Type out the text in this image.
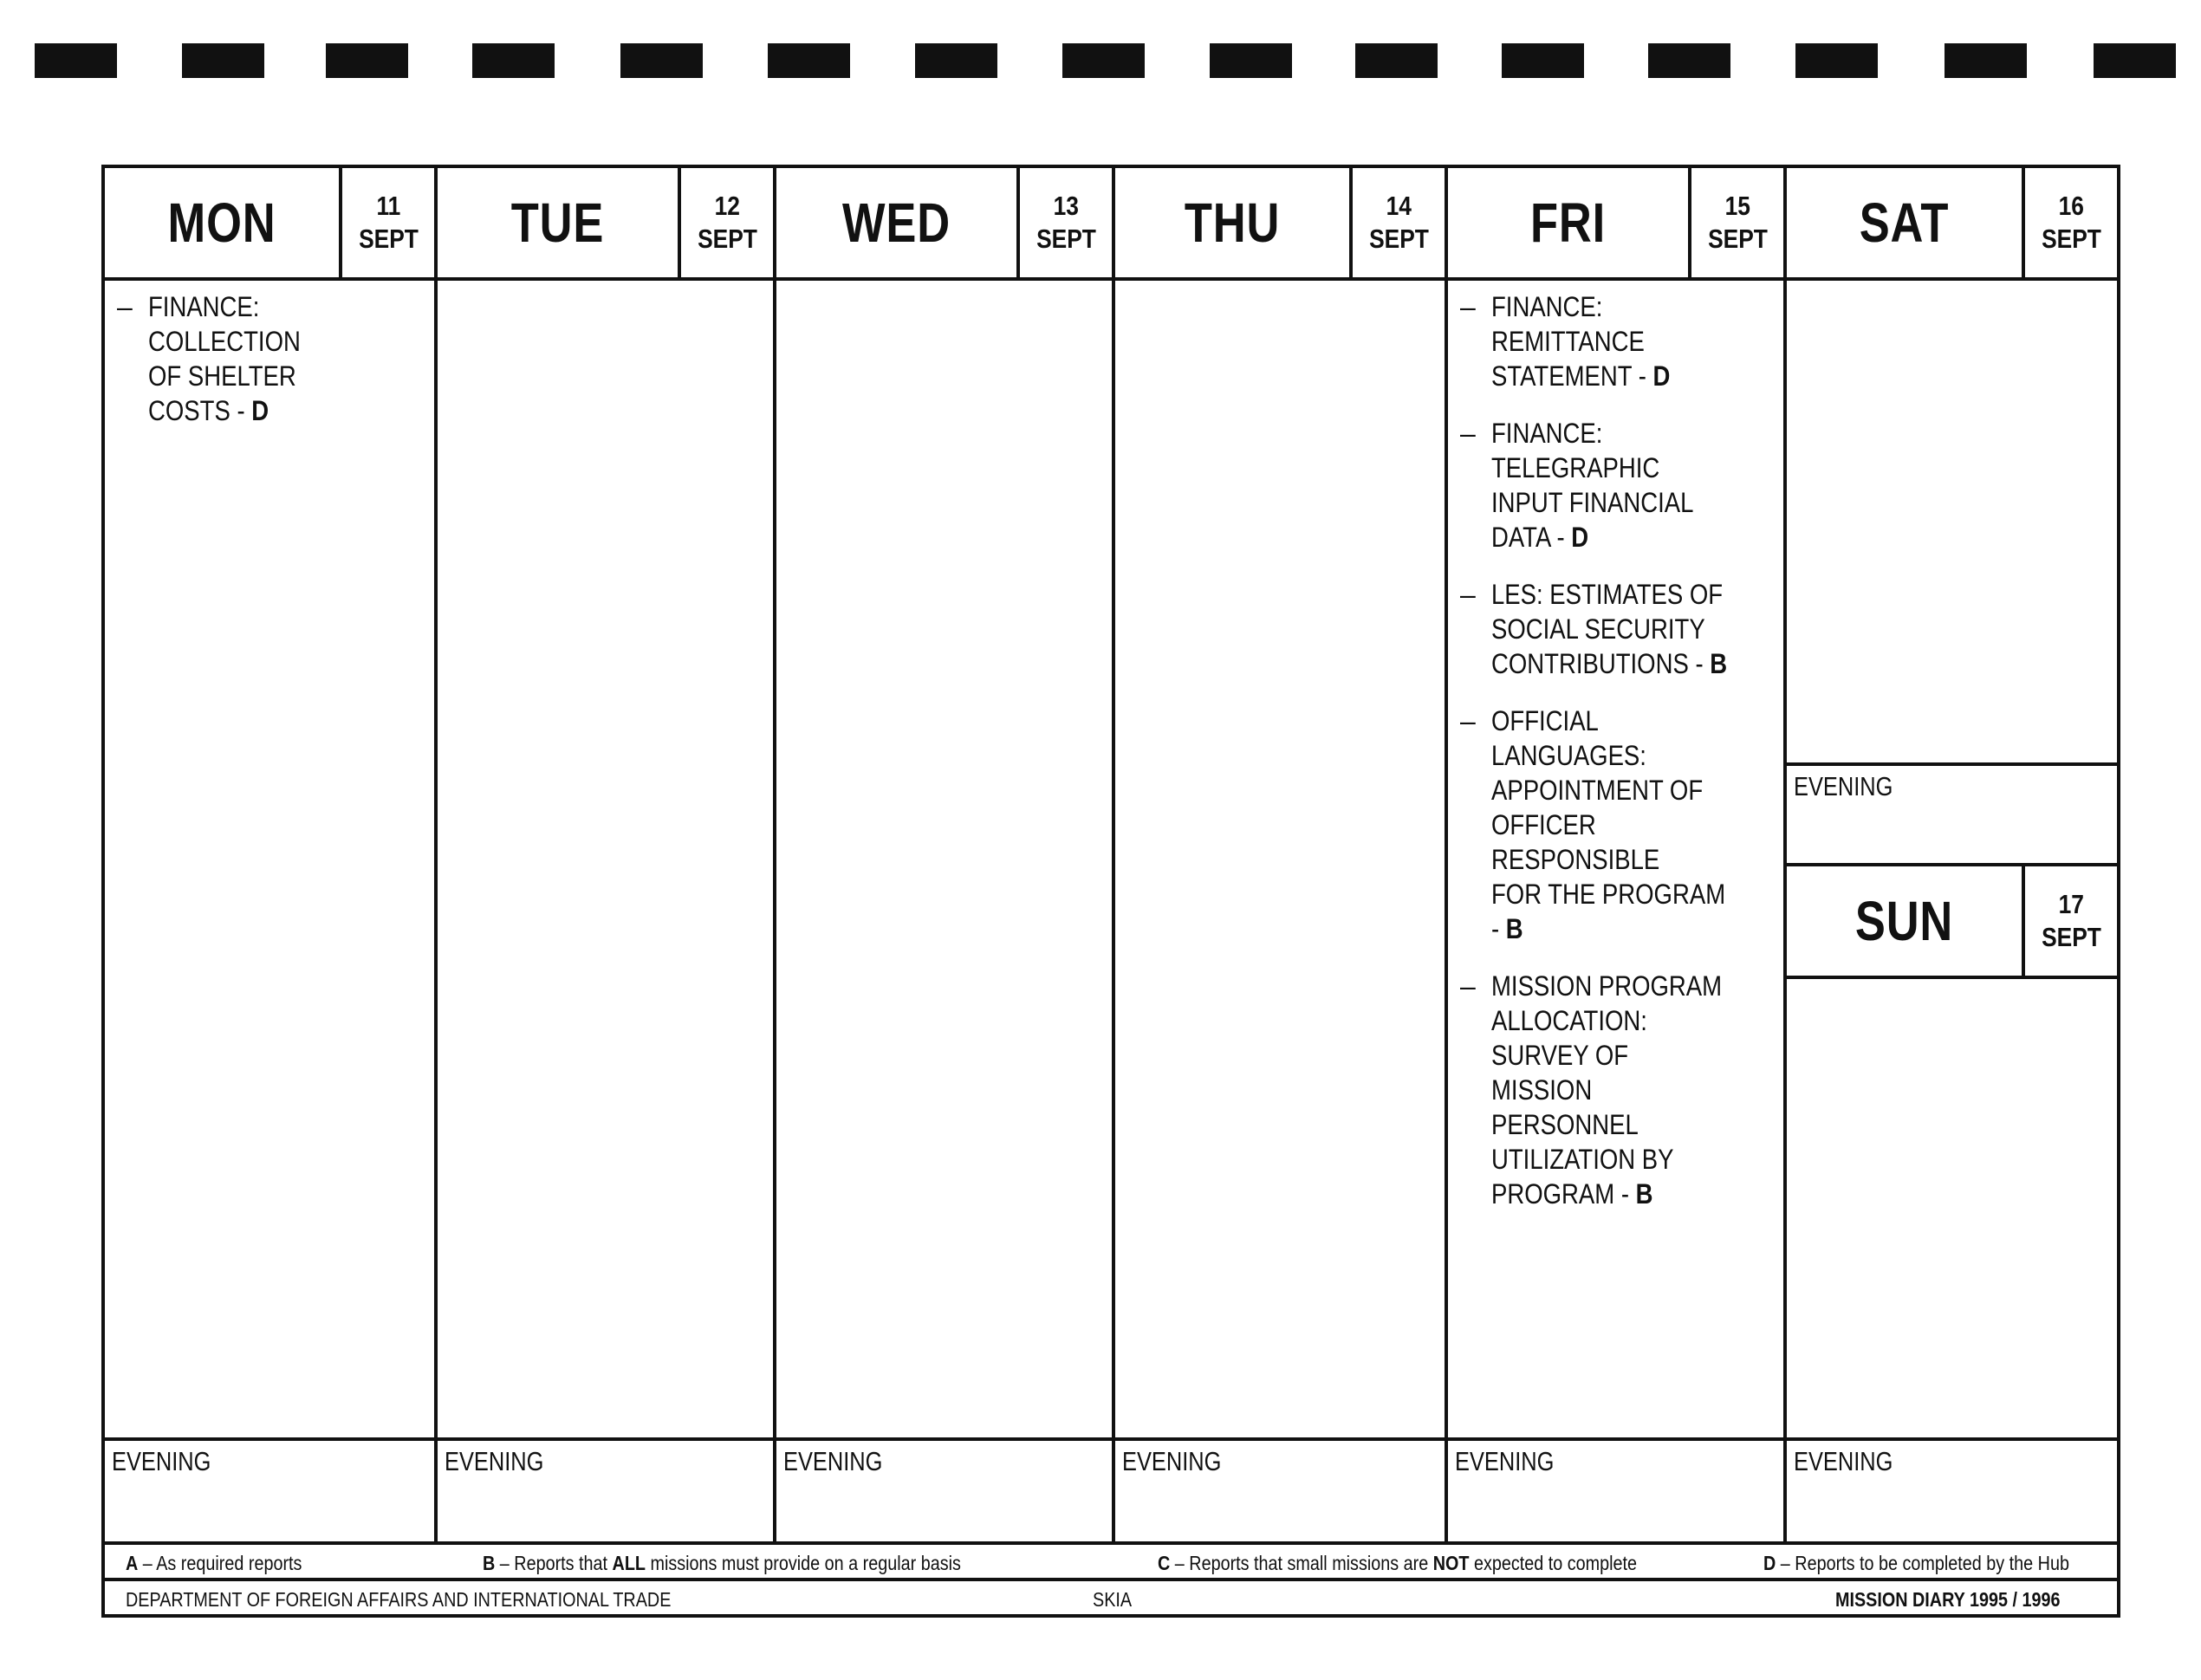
A – As required reports	B – Reports that ALL missions must provide on a regular basis	C – Reports that small missions are NOT expected to complete	D – Reports to be completed by the Hub
DEPARTMENT OF FOREIGN AFFAIRS AND INTERNATIONAL TRADE	SKIA	MISSION DIARY 1995 / 1996
MON	11
SEPT
– FINANCE: COLLECTION
OF SHELTER COSTS - D
EVENING
TUE	12
SEPT
EVENING
WED	13
SEPT
EVENING
THU	14
SEPT
EVENING
FRI	15
SEPT
– FINANCE: REMITTANCE
STATEMENT - D
– FINANCE: TELEGRAPHIC
INPUT FINANCIAL
DATA - D
– LES: ESTIMATES OF
SOCIAL SECURITY
CONTRIBUTIONS - B
– OFFICIAL LANGUAGES:
APPOINTMENT OF
OFFICER RESPONSIBLE
FOR THE PROGRAM - B
– MISSION PROGRAM
ALLOCATION: SURVEY OF
MISSION PERSONNEL
UTILIZATION BY
PROGRAM - B
EVENING
SAT	16
SEPT
EVENING
SUN	17
SEPT
EVENING
